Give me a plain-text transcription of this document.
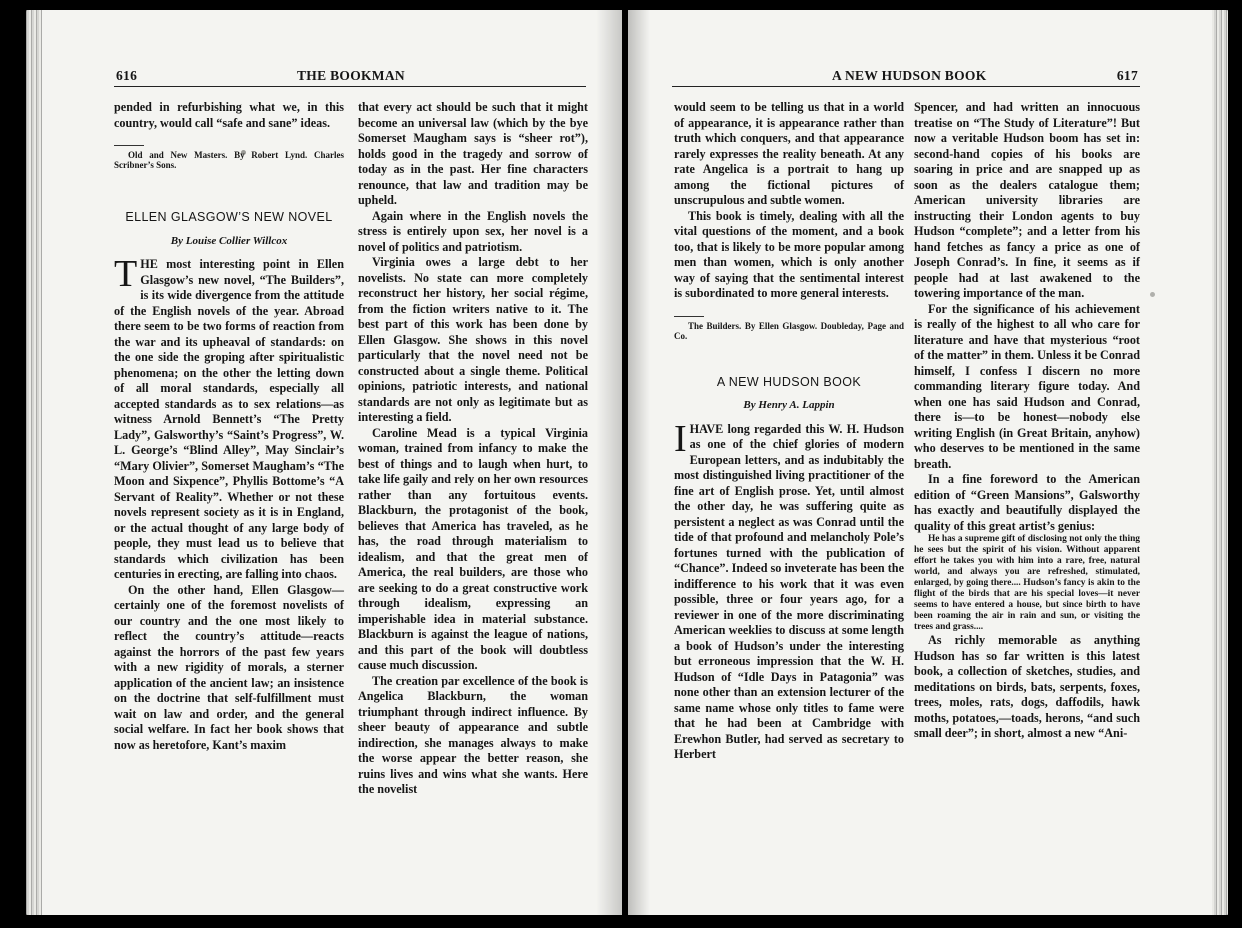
616	THE BOOKMAN	A NEW HUDSON BOOK	617

pended in refurbishing what we, in this country, would call “safe and sane” ideas.

Old and New Masters. By Robert Lynd. Charles Scribner’s Sons.

ELLEN GLASGOW’S NEW NOVEL
By Louise Collier Willcox

THE most interesting point in Ellen Glasgow’s new novel, “The Builders”, is its wide divergence from the attitude of the English novels of the year. Abroad there seem to be two forms of reaction from the war and its upheaval of standards: on the one side the groping after spiritualistic phenomena; on the other the letting down of all moral standards, especially all accepted standards as to sex relations—as witness Arnold Bennett’s “The Pretty Lady”, Galsworthy’s “Saint’s Progress”, W. L. George’s “Blind Alley”, May Sinclair’s “Mary Olivier”, Somerset Maugham’s “The Moon and Sixpence”, Phyllis Bottome’s “A Servant of Reality”. Whether or not these novels represent society as it is in England, or the actual thought of any large body of people, they must lead us to believe that standards which civilization has been centuries in erecting, are falling into chaos.

On the other hand, Ellen Glasgow—certainly one of the foremost novelists of our country and the one most likely to reflect the country’s attitude—reacts against the horrors of the past few years with a new rigidity of morals, a sterner application of the ancient law; an insistence on the doctrine that self-fulfillment must wait on law and order, and the general social welfare. In fact her book shows that now as heretofore, Kant’s maxim

that every act should be such that it might become an universal law (which by the bye Somerset Maugham says is “sheer rot”), holds good in the tragedy and sorrow of today as in the past. Her fine characters renounce, that law and tradition may be upheld.

Again where in the English novels the stress is entirely upon sex, her novel is a novel of politics and patriotism.

Virginia owes a large debt to her novelists. No state can more completely reconstruct her history, her social régime, from the fiction writers native to it. The best part of this work has been done by Ellen Glasgow. She shows in this novel particularly that the novel need not be constructed about a single theme. Political opinions, patriotic interests, and national standards are not only as legitimate but as interesting a field.

Caroline Mead is a typical Virginia woman, trained from infancy to make the best of things and to laugh when hurt, to take life gaily and rely on her own resources rather than any fortuitous events. Blackburn, the protagonist of the book, believes that America has traveled, as he has, the road through materialism to idealism, and that the great men of America, the real builders, are those who are seeking to do a great constructive work through idealism, expressing an imperishable idea in material substance. Blackburn is against the league of nations, and this part of the book will doubtless cause much discussion.

The creation par excellence of the book is Angelica Blackburn, the woman triumphant through indirect influence. By sheer beauty of appearance and subtle indirection, she manages always to make the worse appear the better reason, she ruins lives and wins what she wants. Here the novelist

would seem to be telling us that in a world of appearance, it is appearance rather than truth which conquers, and that appearance rarely expresses the reality beneath. At any rate Angelica is a portrait to hang up among the fictional pictures of unscrupulous and subtle women.

This book is timely, dealing with all the vital questions of the moment, and a book too, that is likely to be more popular among men than women, which is only another way of saying that the sentimental interest is subordinated to more general interests.

The Builders. By Ellen Glasgow. Doubleday, Page and Co.

A NEW HUDSON BOOK
By Henry A. Lappin

IHAVE long regarded this W. H. Hudson as one of the chief glories of modern European letters, and as indubitably the most distinguished living practitioner of the fine art of English prose. Yet, until almost the other day, he was suffering quite as persistent a neglect as was Conrad until the tide of that profound and melancholy Pole’s fortunes turned with the publication of “Chance”. Indeed so inveterate has been the indifference to his work that it was even possible, three or four years ago, for a reviewer in one of the more discriminating American weeklies to discuss at some length a book of Hudson’s under the interesting but erroneous impression that the W. H. Hudson of “Idle Days in Patagonia” was none other than an extension lecturer of the same name whose only titles to fame were that he had been at Cambridge with Erewhon Butler, had served as secretary to Herbert

Spencer, and had written an innocuous treatise on “The Study of Literature”! But now a veritable Hudson boom has set in: second-hand copies of his books are soaring in price and are snapped up as soon as the dealers catalogue them; American university libraries are instructing their London agents to buy Hudson “complete”; and a letter from his hand fetches as fancy a price as one of Joseph Conrad’s. In fine, it seems as if people had at last awakened to the towering importance of the man.

For the significance of his achievement is really of the highest to all who care for literature and have that mysterious “root of the matter” in them. Unless it be Conrad himself, I confess I discern no more commanding literary figure today. And when one has said Hudson and Conrad, there is—to be honest—nobody else writing English (in Great Britain, anyhow) who deserves to be mentioned in the same breath.

In a fine foreword to the American edition of “Green Mansions”, Galsworthy has exactly and beautifully displayed the quality of this great artist’s genius:

He has a supreme gift of disclosing not only the thing he sees but the spirit of his vision. Without apparent effort he takes you with him into a rare, free, natural world, and always you are refreshed, stimulated, enlarged, by going there.... Hudson’s fancy is akin to the flight of the birds that are his special loves—it never seems to have entered a house, but since birth to have been roaming the air in rain and sun, or visiting the trees and grass....

As richly memorable as anything Hudson has so far written is this latest book, a collection of sketches, studies, and meditations on birds, bats, serpents, foxes, trees, moles, rats, dogs, daffodils, hawk moths, potatoes,—toads, herons, “and such small deer”; in short, almost a new “Ani-
